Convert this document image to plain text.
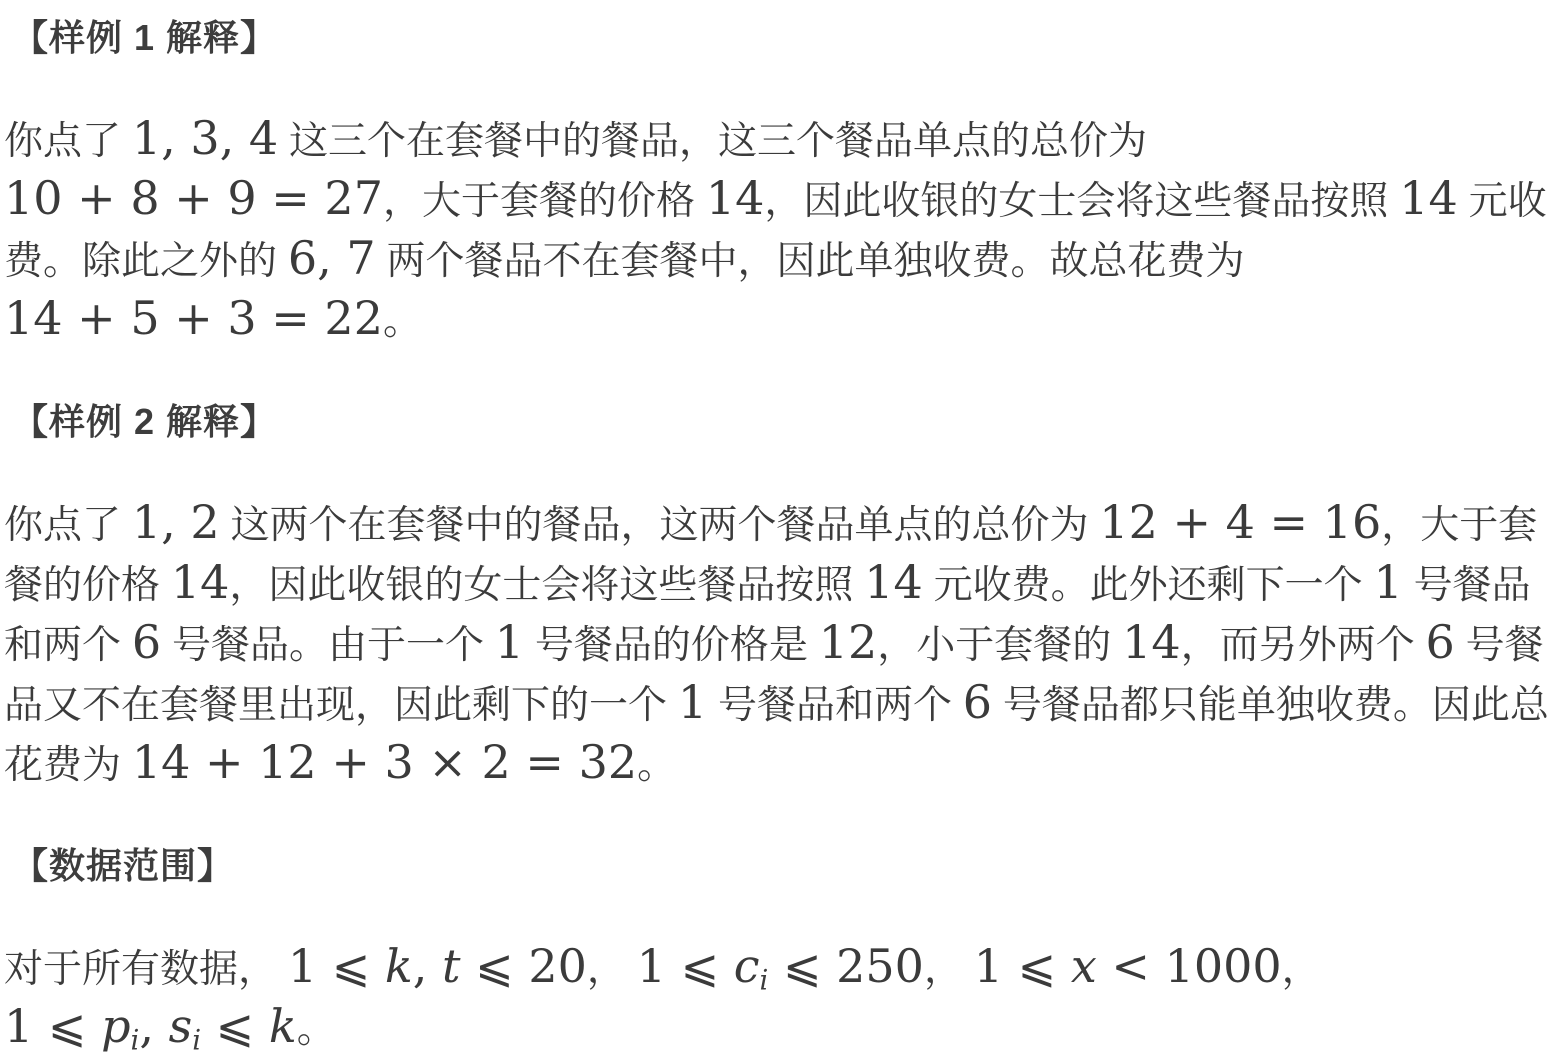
【样例 1 解释】

你点了 1, 3, 4 这三个在套餐中的餐品，这三个餐品单点的总价为 10 + 8 + 9 = 27，大于套餐的价格 14，因此收银的女士会将这些餐品按照 14 元收费。除此之外的 6, 7 两个餐品不在套餐中，因此单独收费。故总花费为 14 + 5 + 3 = 22。

【样例 2 解释】

你点了 1, 2 这两个在套餐中的餐品，这两个餐品单点的总价为 12 + 4 = 16，大于套餐的价格 14，因此收银的女士会将这些餐品按照 14 元收费。此外还剩下一个 1 号餐品和两个 6 号餐品。由于一个 1 号餐品的价格是 12，小于套餐的 14，而另外两个 6 号餐品又不在套餐里出现，因此剩下的一个 1 号餐品和两个 6 号餐品都只能单独收费。因此总花费为 14 + 12 + 3 × 2 = 32。

【数据范围】

对于所有数据， 1 ⩽ k, t ⩽ 20， 1 ⩽ $c_i$ ⩽ 250， 1 ⩽ x < 1000， 1 ⩽ $p_i$, $s_i$ ⩽ k。
